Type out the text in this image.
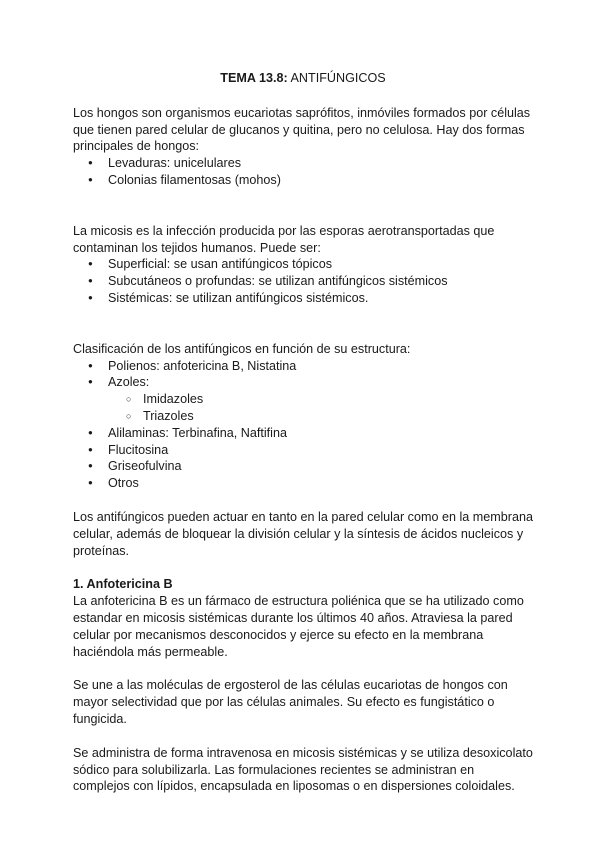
TEMA 13.8: ANTIFÚNGICOS

Los hongos son organismos eucariotas saprófitos, inmóviles formados por células que tienen pared celular de glucanos y quitina, pero no celulosa. Hay dos formas principales de hongos:

● Levaduras: unicelulares
● Colonias filamentosas (mohos)

La micosis es la infección producida por las esporas aerotransportadas que contaminan los tejidos humanos. Puede ser:

● Superficial: se usan antifúngicos tópicos
● Subcutáneos o profundas: se utilizan antifúngicos sistémicos
● Sistémicas: se utilizan antifúngicos sistémicos.

Clasificación de los antifúngicos en función de su estructura:

● Polienos: anfotericina B, Nistatina
● Azoles:
○ Imidazoles
○ Triazoles
● Alilaminas: Terbinafina, Naftifina
● Flucitosina
● Griseofulvina
● Otros

Los antifúngicos pueden actuar en tanto en la pared celular como en la membrana celular, además de bloquear la división celular y la síntesis de ácidos nucleicos y proteínas.

1. Anfotericina B

La anfotericina B es un fármaco de estructura poliénica que se ha utilizado como estandar en micosis sistémicas durante los últimos 40 años. Atraviesa la pared celular por mecanismos desconocidos y ejerce su efecto en la membrana haciéndola más permeable.

Se une a las moléculas de ergosterol de las células eucariotas de hongos con mayor selectividad que por las células animales. Su efecto es fungistático o fungicida.

Se administra de forma intravenosa en micosis sistémicas y se utiliza desoxicolato sódico para solubilizarla. Las formulaciones recientes se administran en complejos con lípidos, encapsulada en liposomas o en dispersiones coloidales.
